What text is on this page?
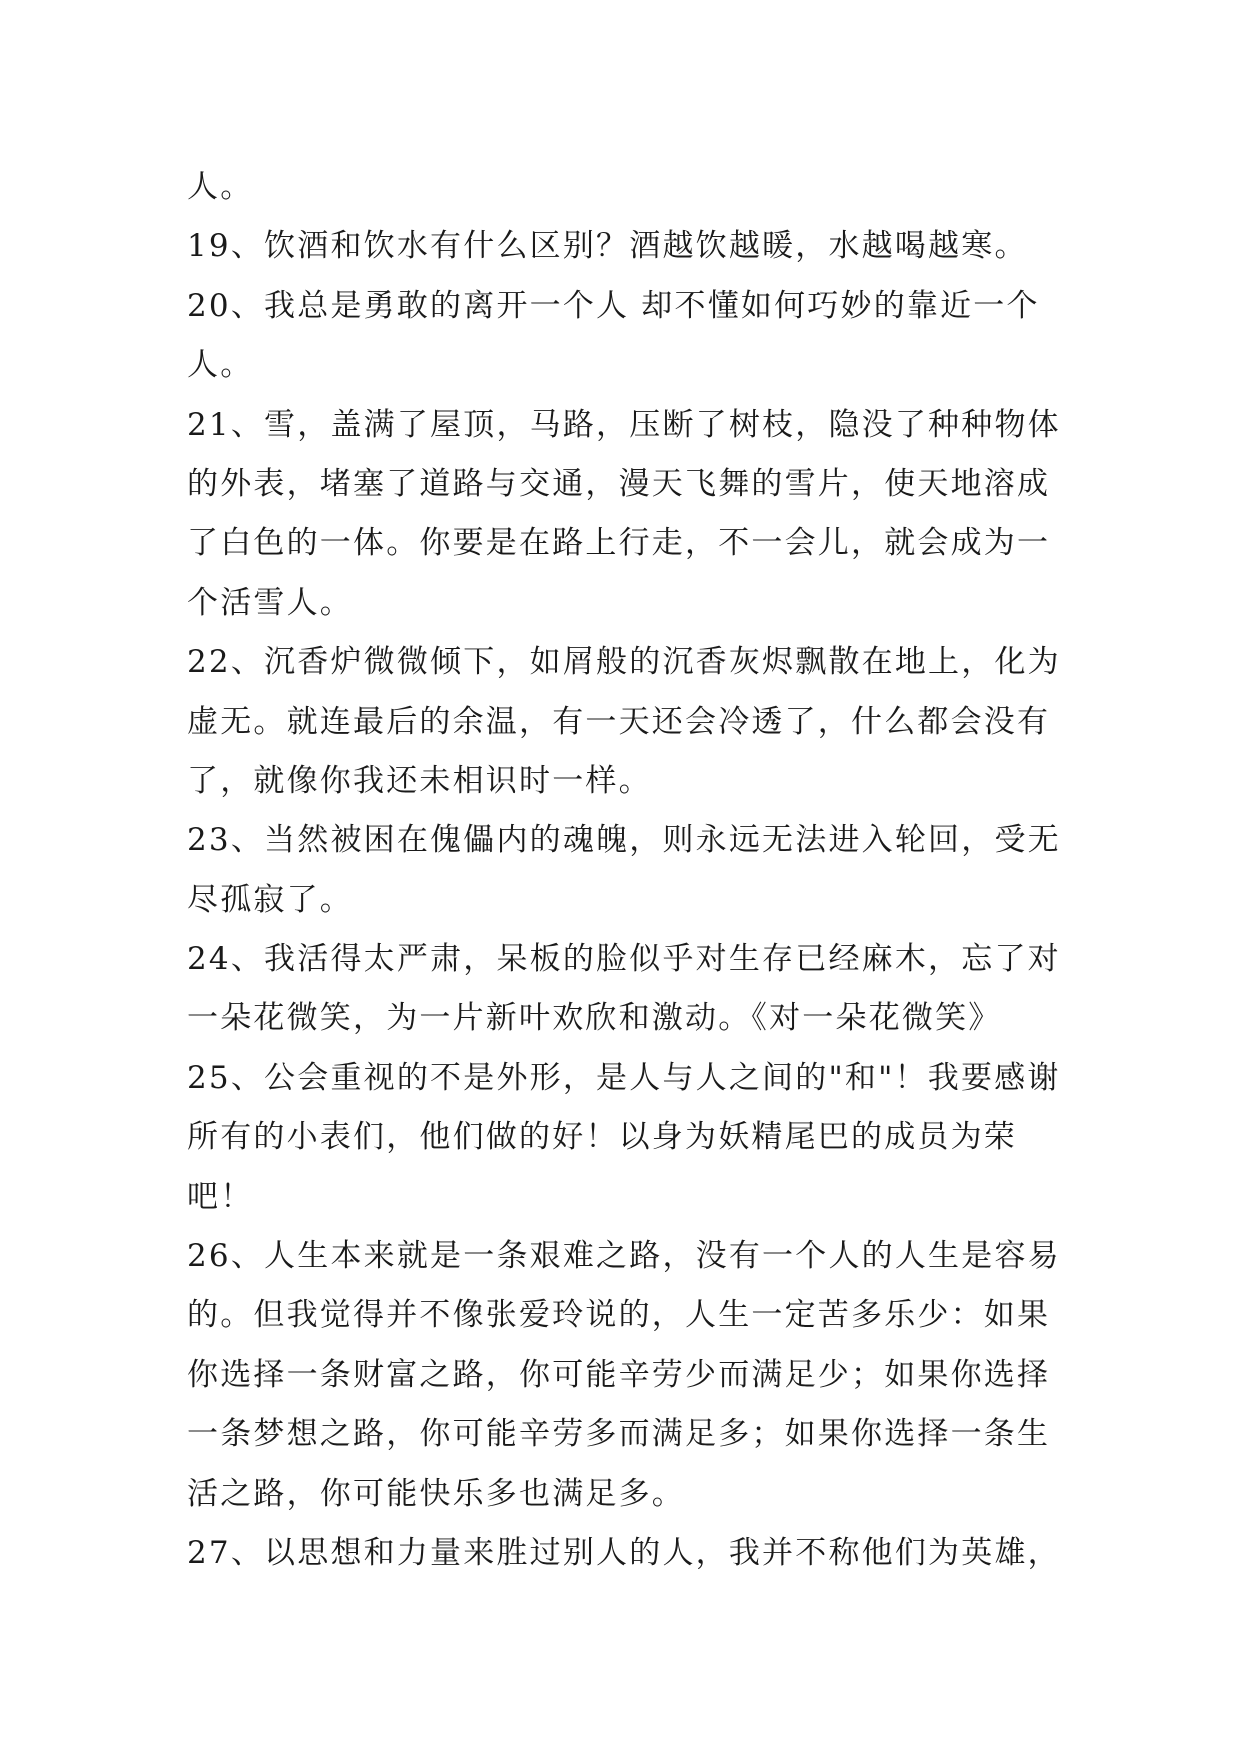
人。
19、饮酒和饮水有什么区别？酒越饮越暖，水越喝越寒。
20、我总是勇敢的离开一个人 却不懂如何巧妙的靠近一个
人。
21、雪，盖满了屋顶，马路，压断了树枝，隐没了种种物体
的外表，堵塞了道路与交通，漫天飞舞的雪片，使天地溶成
了白色的一体。你要是在路上行走，不一会儿，就会成为一
个活雪人。
22、沉香炉微微倾下，如屑般的沉香灰烬飘散在地上，化为
虚无。就连最后的余温，有一天还会冷透了，什么都会没有
了，就像你我还未相识时一样。
23、当然被困在傀儡内的魂魄，则永远无法进入轮回，受无
尽孤寂了。
24、我活得太严肃，呆板的脸似乎对生存已经麻木，忘了对
一朵花微笑，为一片新叶欢欣和激动。《对一朵花微笑》
25、公会重视的不是外形，是人与人之间的"和"！我要感谢
所有的小表们，他们做的好！以身为妖精尾巴的成员为荣
吧！
26、人生本来就是一条艰难之路，没有一个人的人生是容易
的。但我觉得并不像张爱玲说的，人生一定苦多乐少：如果
你选择一条财富之路，你可能辛劳少而满足少；如果你选择
一条梦想之路，你可能辛劳多而满足多；如果你选择一条生
活之路，你可能快乐多也满足多。
27、以思想和力量来胜过别人的人，我并不称他们为英雄，
